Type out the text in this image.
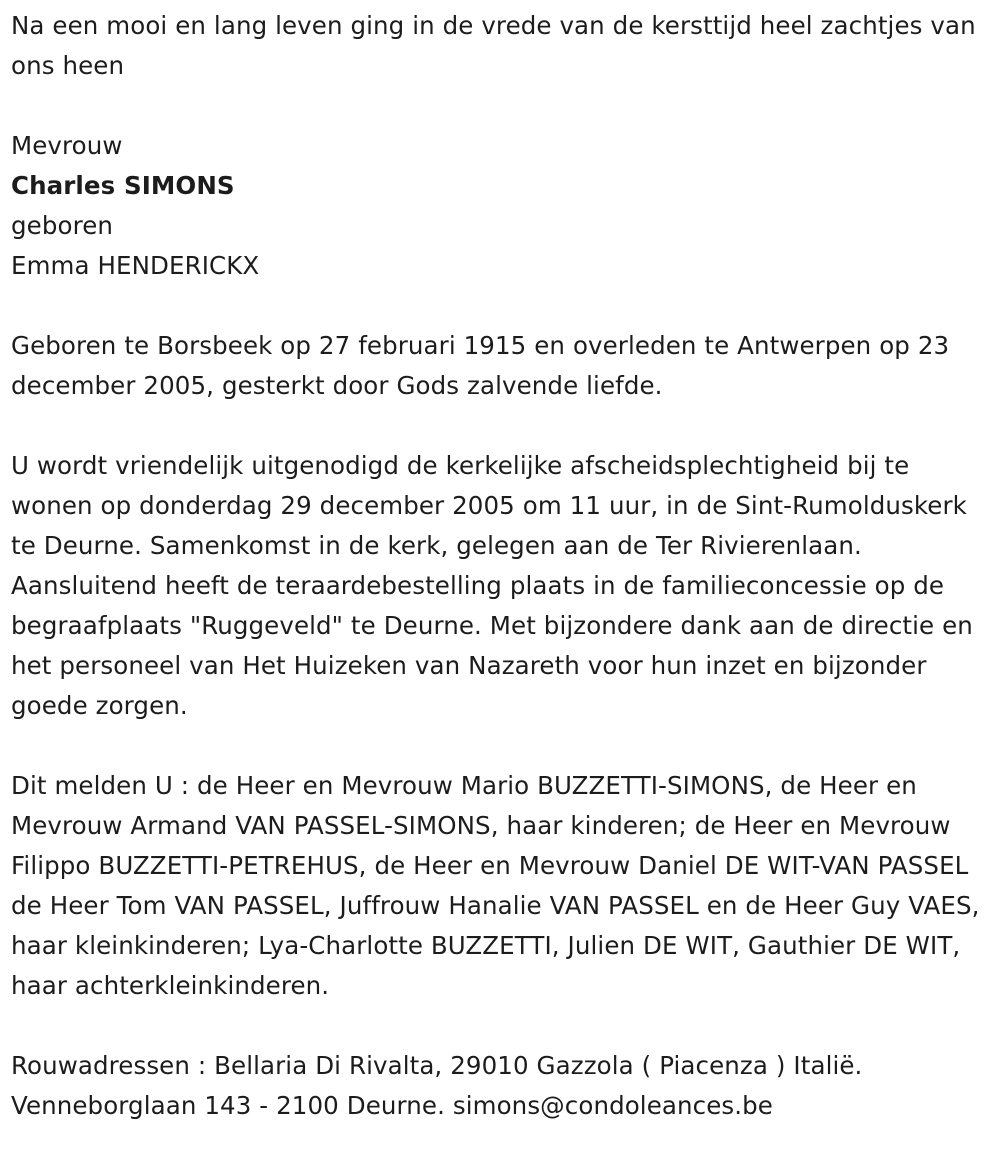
Na een mooi en lang leven ging in de vrede van de kersttijd heel zachtjes van ons heen

Mevrouw

Charles SIMONS

geboren

Emma HENDERICKX

Geboren te Borsbeek op 27 februari 1915 en overleden te Antwerpen op 23 december 2005, gesterkt door Gods zalvende liefde.

U wordt vriendelijk uitgenodigd de kerkelijke afscheidsplechtigheid bij te wonen op donderdag 29 december 2005 om 11 uur, in de Sint-Rumolduskerk te Deurne. Samenkomst in de kerk, gelegen aan de Ter Rivierenlaan. Aansluitend heeft de teraardebestelling plaats in de familieconcessie op de begraafplaats "Ruggeveld" te Deurne. Met bijzondere dank aan de directie en het personeel van Het Huizeken van Nazareth voor hun inzet en bijzonder goede zorgen.

Dit melden U : de Heer en Mevrouw Mario BUZZETTI-SIMONS, de Heer en Mevrouw Armand VAN PASSEL-SIMONS, haar kinderen; de Heer en Mevrouw Filippo BUZZETTI-PETREHUS, de Heer en Mevrouw Daniel DE WIT-VAN PASSEL de Heer Tom VAN PASSEL, Juffrouw Hanalie VAN PASSEL en de Heer Guy VAES, haar kleinkinderen; Lya-Charlotte BUZZETTI, Julien DE WIT, Gauthier DE WIT, haar achterkleinkinderen.

Rouwadressen : Bellaria Di Rivalta, 29010 Gazzola ( Piacenza ) Italië.

Venneborglaan 143 - 2100 Deurne. simons@condoleances.be
